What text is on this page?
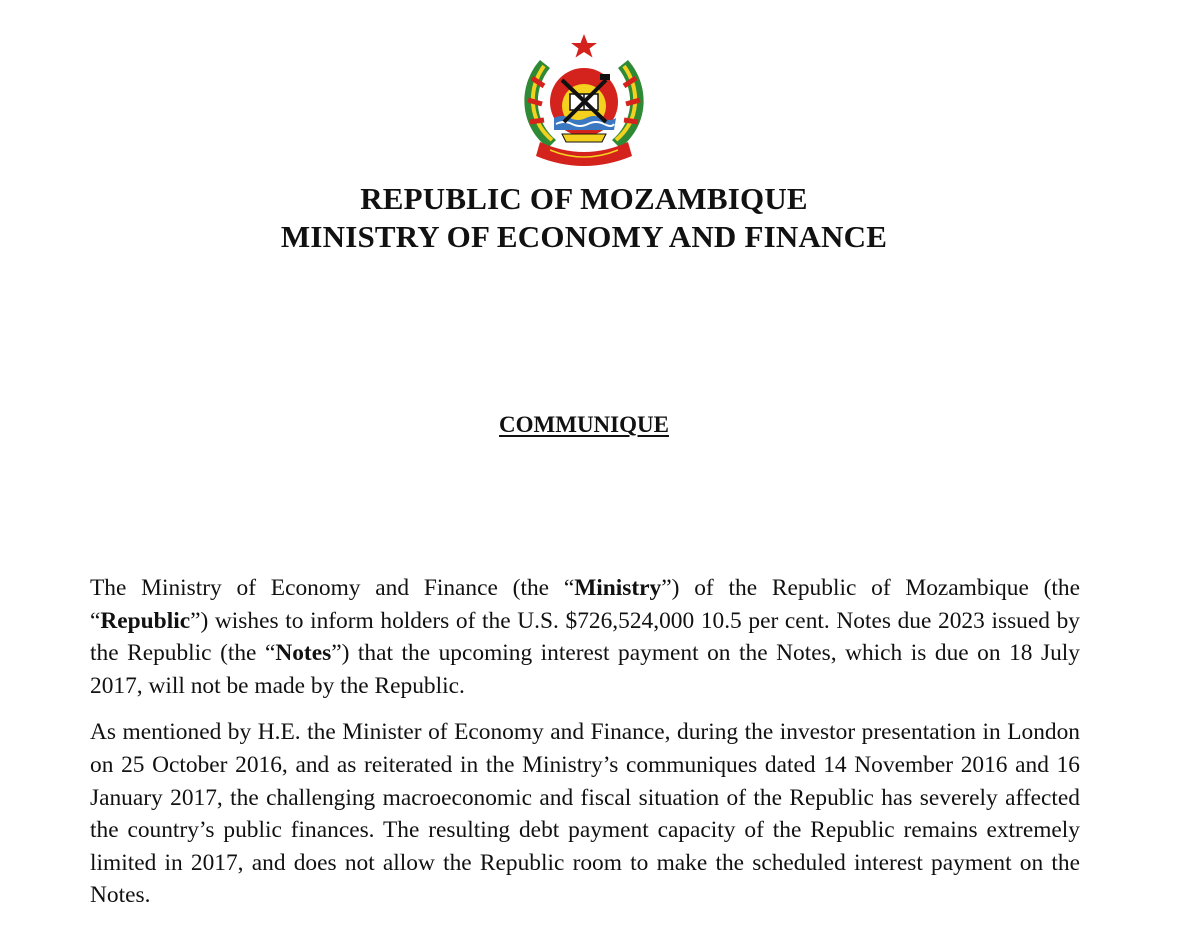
REPUBLIC OF MOZAMBIQUE
MINISTRY OF ECONOMY AND FINANCE
COMMUNIQUE

The Ministry of Economy and Finance (the “Ministry”) of the Republic of Mozambique (the “Republic”) wishes to inform holders of the U.S. $726,524,000 10.5 per cent. Notes due 2023 issued by the Republic (the “Notes”) that the upcoming interest payment on the Notes, which is due on 18 July 2017, will not be made by the Republic.

As mentioned by H.E. the Minister of Economy and Finance, during the investor presentation in London on 25 October 2016, and as reiterated in the Ministry’s communiques dated 14 November 2016 and 16 January 2017, the challenging macroeconomic and fiscal situation of the Republic has severely affected the country’s public finances. The resulting debt payment capacity of the Republic remains extremely limited in 2017, and does not allow the Republic room to make the scheduled interest payment on the Notes.
